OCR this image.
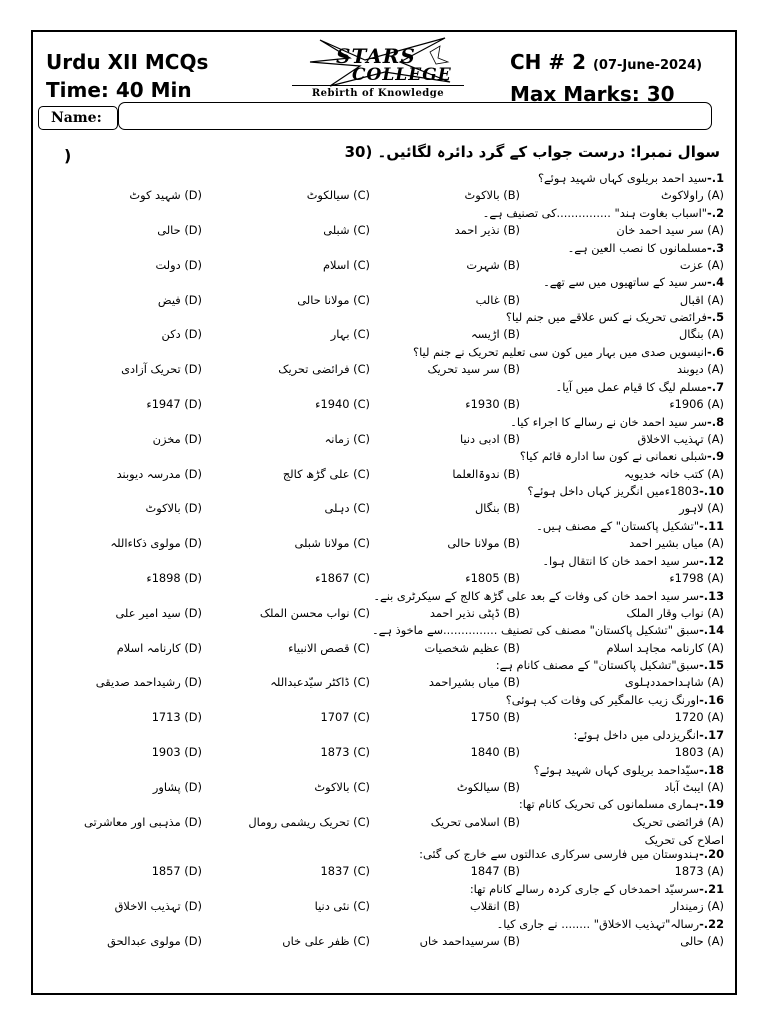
Urdu XII MCQs
Time: 40 Min
STARS
COLLEGE
Rebirth of Knowledge
CH # 2 (07-June-2024)
Max Marks: 30
Name:
)	سوال نمبرا: درست جواب کے گرد دائرہ لگائیں۔ (30
1.-سید احمد بریلوی کہاں شہید ہوئے؟
(A) راولاکوٹ
(B) بالاکوٹ
(C) سیالکوٹ
(D) شہید کوٹ
2.-"اسباب بغاوت ہند" ...............کی تصنیف ہے۔
(A) سر سید احمد خان
(B) نذیر احمد
(C) شبلی
(D) حالی
3.-مسلمانوں کا نصب العین ہے۔
(A) عزت
(B) شہرت
(C) اسلام
(D) دولت
4.-سر سید کے ساتھیوں میں سے تھے۔
(A) اقبال
(B) غالب
(C) مولانا حالی
(D) فیض
5.-فرائضی تحریک نے کس علاقے میں جنم لیا؟
(A) بنگال
(B) اڑیسہ
(C) بہار
(D) دکن
6.-انیسویں صدی میں بہار میں کون سی تعلیم تحریک نے جنم لیا؟
(A) دیوبند
(B) سر سید تحریک
(C) فرائضی تحریک
(D) تحریک آزادی
7.-مسلم لیگ کا قیام عمل میں آیا۔
(A) 1906ء
(B) 1930ء
(C) 1940ء
(D) 1947ء
8.-سر سید احمد خان نے رسالے کا اجراء کیا۔
(A) تہذیب الاخلاق
(B) ادبی دنیا
(C) زمانہ
(D) مخزن
9.-شبلی نعمانی نے کون سا ادارہ قائم کیا؟
(A) کتب خانہ خدیویہ
(B) ندوۃالعلما
(C) علی گڑھ کالج
(D) مدرسہ دیوبند
10.-1803ءمیں انگریز کہاں داخل ہوئے؟
(A) لاہور
(B) بنگال
(C) دہلی
(D) بالاکوٹ
11.-"تشکیل پاکستان" کے مصنف ہیں۔
(A) میاں بشیر احمد
(B) مولانا حالی
(C) مولانا شبلی
(D) مولوی ذکاءاللہ
12.-سر سید احمد خان کا انتقال ہوا۔
(A) 1798ء
(B) 1805ء
(C) 1867ء
(D) 1898ء
13.-سر سید احمد خان کی وفات کے بعد علی گڑھ کالج کے سیکرٹری بنے۔
(A) نواب وقار الملک
(B) ڈپٹی نذیر احمد
(C) نواب محسن الملک
(D) سید امیر علی
14.-سبق "تشکیل پاکستان" مصنف کی تصنیف ...............سے ماخوذ ہے۔
(A) کارنامہ مجاہد اسلام
(B) عظیم شخصیات
(C) قصص الانبیاء
(D) کارنامہ اسلام
15.-سبق"تشکیل پاکستان" کے مصنف کانام ہے:
(A) شاہداحمددہلوی
(B) میاں بشیراحمد
(C) ڈاکٹر سیّدعبداللہ
(D) رشیداحمد صدیقی
16.-اورنگ زیب عالمگیر کی وفات کب ہوئی؟
(A) 1720
(B) 1750
(C) 1707
(D) 1713
17.-انگریزدلی میں داخل ہوئے:
(A) 1803
(B) 1840
(C) 1873
(D) 1903
18.-سیّداحمد بریلوی کہاں شہید ہوئے؟
(A) ایبٹ آباد
(B) سیالکوٹ
(C) بالاکوٹ
(D) پشاور
19.-ہماری مسلمانوں کی تحریک کانام تھا:
(A) فرائضی تحریک
(B) اسلامی تحریک
(C) تحریک ریشمی رومال
(D) مذہبی اور معاشرتی
اصلاح کی تحریک
20.-ہندوستان میں فارسی سرکاری عدالتوں سے خارج کی گئی:
(A) 1873
(B) 1847
(C) 1837
(D) 1857
21.-سرسیّد احمدخاں کے جاری کردہ رسالے کانام تھا:
(A) زمیندار
(B) انقلاب
(C) نئی دنیا
(D) تہذیب الاخلاق
22.-رسالہ"تہذیب الاخلاق" ........ نے جاری کیا۔
(A) حالی
(B) سرسیداحمد خاں
(C) ظفر علی خاں
(D) مولوی عبدالحق
